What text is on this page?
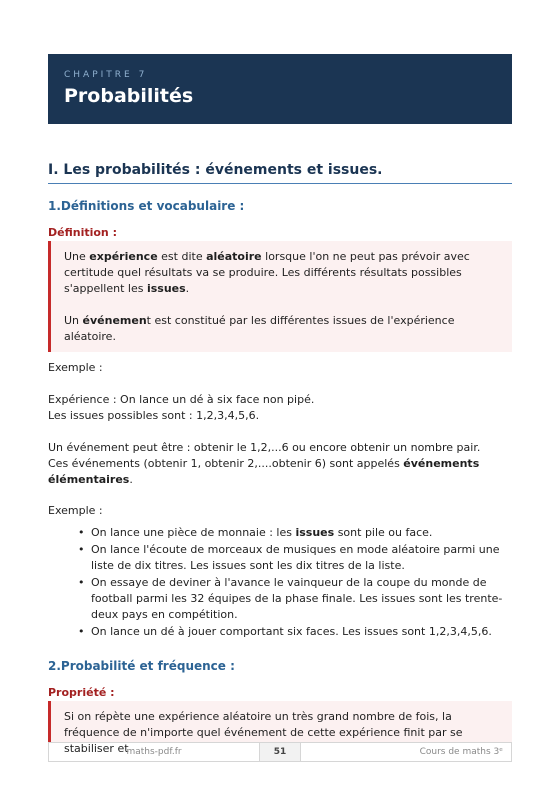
CHAPITRE 7
Probabilités
I. Les probabilités : événements et issues.
1.Définitions et vocabulaire :
Définition :

Une expérience est dite aléatoire lorsque l'on ne peut pas prévoir avec certitude quel résultats va se produire. Les différents résultats possibles s'appellent les issues.

Un événement est constitué par les différentes issues de l'expérience aléatoire.

Exemple :

Expérience : On lance un dé à six face non pipé.

Les issues possibles sont : 1,2,3,4,5,6.

Un événement peut être : obtenir le 1,2,...6 ou encore obtenir un nombre pair.

Ces événements (obtenir 1, obtenir 2,....obtenir 6) sont appelés événements élémentaires.

Exemple :
• On lance une pièce de monnaie : les issues sont pile ou face.
• On lance l'écoute de morceaux de musiques en mode aléatoire parmi une liste de dix titres. Les issues sont les dix titres de la liste.
• On essaye de deviner à l'avance le vainqueur de la coupe du monde de football parmi les 32 équipes de la phase finale. Les issues sont les trente-deux pays en compétition.
• On lance un dé à jouer comportant six faces. Les issues sont 1,2,3,4,5,6.
2.Probabilité et fréquence :
Propriété :

Si on répète une expérience aléatoire un très grand nombre de fois, la fréquence de n'importe quel événement de cette expérience finit par se stabiliser et

maths-pdf.fr	51	Cours de maths 3ᵉ
